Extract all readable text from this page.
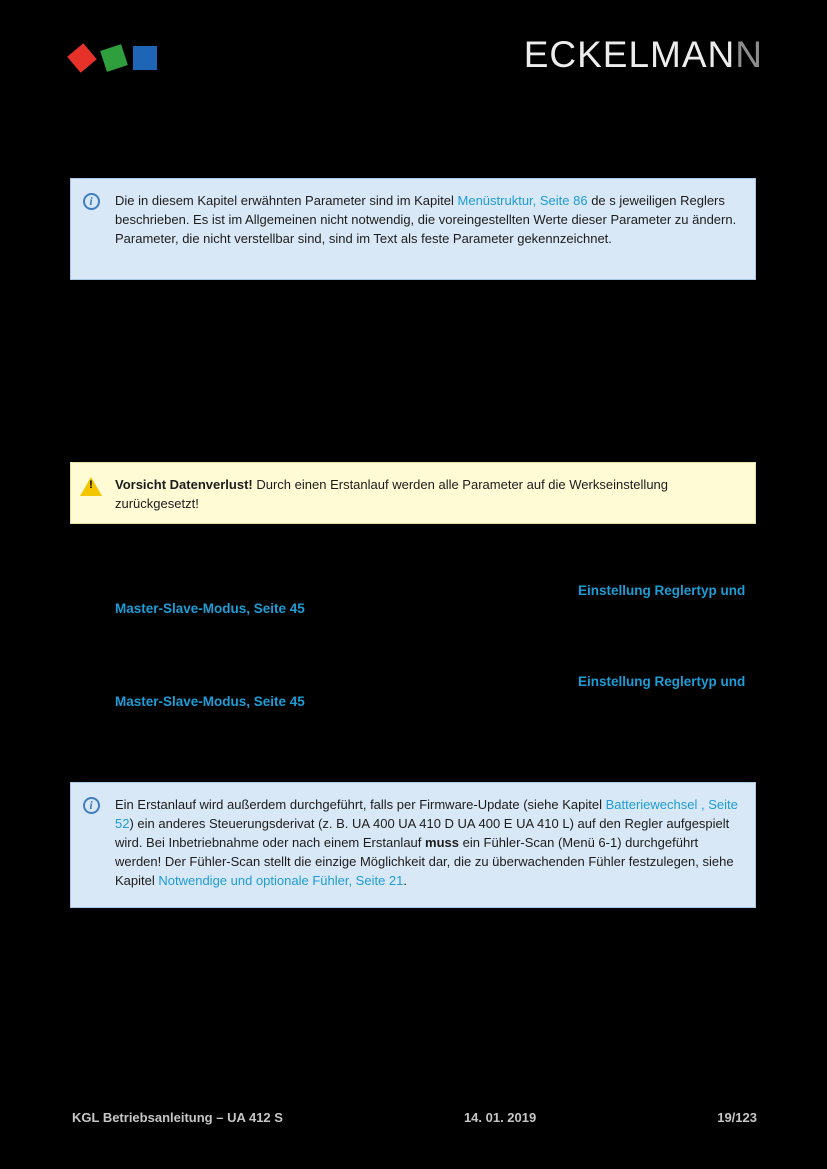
ECKELMANN
i	Die in diesem Kapitel erwähnten Parameter sind im Kapitel Menüstruktur, Seite 86 de s jeweiligen Reglers beschrieben. Es ist im Allgemeinen nicht notwendig, die voreingestellten Werte dieser Parameter zu ändern. Parameter, die nicht verstellbar sind, sind im Text als feste Parameter gekennzeichnet.

!	Vorsicht Datenverlust! Durch einen Erstanlauf werden alle Parameter auf die Werkseinstellung zurückgesetzt!

Einstellung Reglertyp und
Master-Slave-Modus, Seite 45
Einstellung Reglertyp und
Master-Slave-Modus, Seite 45
i	Ein Erstanlauf wird außerdem durchgeführt, falls per Firmware-Update (siehe Kapitel Batteriewechsel , Seite 52) ein anderes Steuerungsderivat (z. B. UA 400 UA 410 D UA 400 E UA 410 L) auf den Regler aufgespielt wird. Bei Inbetriebnahme oder nach einem Erstanlauf muss ein Fühler-Scan (Menü 6-1) durchgeführt werden! Der Fühler-Scan stellt die einzige Möglichkeit dar, die zu überwachenden Fühler festzulegen, siehe Kapitel Notwendige und optionale Fühler, Seite 21.

KGL Betriebsanleitung – UA 412 S	14. 01. 2019	19/123
